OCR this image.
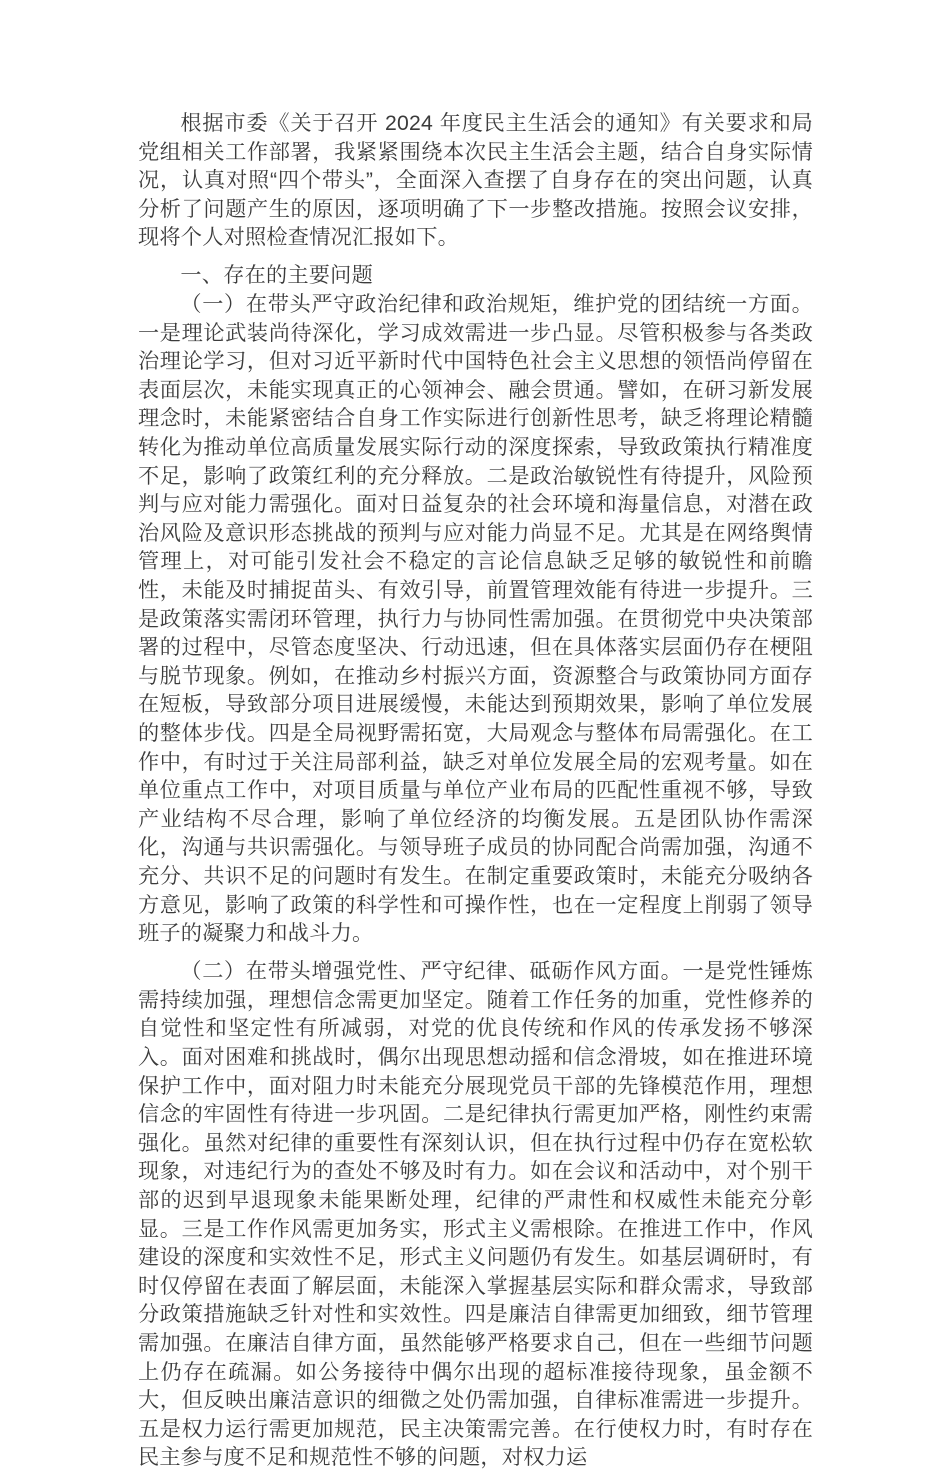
根据市委《关于召开 2024 年度民主生活会的通知》有关要求和局党组相关工作部署，我紧紧围绕本次民主生活会主题，结合自身实际情况，认真对照“四个带头”，全面深入查摆了自身存在的突出问题，认真分析了问题产生的原因，逐项明确了下一步整改措施。按照会议安排，现将个人对照检查情况汇报如下。

一、存在的主要问题

（一）在带头严守政治纪律和政治规矩，维护党的团结统一方面。一是理论武装尚待深化，学习成效需进一步凸显。尽管积极参与各类政治理论学习，但对习近平新时代中国特色社会主义思想的领悟尚停留在表面层次，未能实现真正的心领神会、融会贯通。譬如，在研习新发展理念时，未能紧密结合自身工作实际进行创新性思考，缺乏将理论精髓转化为推动单位高质量发展实际行动的深度探索，导致政策执行精准度不足，影响了政策红利的充分释放。二是政治敏锐性有待提升，风险预判与应对能力需强化。面对日益复杂的社会环境和海量信息，对潜在政治风险及意识形态挑战的预判与应对能力尚显不足。尤其是在网络舆情管理上，对可能引发社会不稳定的言论信息缺乏足够的敏锐性和前瞻性，未能及时捕捉苗头、有效引导，前置管理效能有待进一步提升。三是政策落实需闭环管理，执行力与协同性需加强。在贯彻党中央决策部署的过程中，尽管态度坚决、行动迅速，但在具体落实层面仍存在梗阻与脱节现象。例如，在推动乡村振兴方面，资源整合与政策协同方面存在短板，导致部分项目进展缓慢，未能达到预期效果，影响了单位发展的整体步伐。四是全局视野需拓宽，大局观念与整体布局需强化。在工作中，有时过于关注局部利益，缺乏对单位发展全局的宏观考量。如在单位重点工作中，对项目质量与单位产业布局的匹配性重视不够，导致产业结构不尽合理，影响了单位经济的均衡发展。五是团队协作需深化，沟通与共识需强化。与领导班子成员的协同配合尚需加强，沟通不充分、共识不足的问题时有发生。在制定重要政策时，未能充分吸纳各方意见，影响了政策的科学性和可操作性，也在一定程度上削弱了领导班子的凝聚力和战斗力。

（二）在带头增强党性、严守纪律、砥砺作风方面。一是党性锤炼需持续加强，理想信念需更加坚定。随着工作任务的加重，党性修养的自觉性和坚定性有所减弱，对党的优良传统和作风的传承发扬不够深入。面对困难和挑战时，偶尔出现思想动摇和信念滑坡，如在推进环境保护工作中，面对阻力时未能充分展现党员干部的先锋模范作用，理想信念的牢固性有待进一步巩固。二是纪律执行需更加严格，刚性约束需强化。虽然对纪律的重要性有深刻认识，但在执行过程中仍存在宽松软现象，对违纪行为的查处不够及时有力。如在会议和活动中，对个别干部的迟到早退现象未能果断处理，纪律的严肃性和权威性未能充分彰显。三是工作作风需更加务实，形式主义需根除。在推进工作中，作风建设的深度和实效性不足，形式主义问题仍有发生。如基层调研时，有时仅停留在表面了解层面，未能深入掌握基层实际和群众需求，导致部分政策措施缺乏针对性和实效性。四是廉洁自律需更加细致，细节管理需加强。在廉洁自律方面，虽然能够严格要求自己，但在一些细节问题上仍存在疏漏。如公务接待中偶尔出现的超标准接待现象，虽金额不大，但反映出廉洁意识的细微之处仍需加强，自律标准需进一步提升。五是权力运行需更加规范，民主决策需完善。在行使权力时，有时存在民主参与度不足和规范性不够的问题，对权力运
